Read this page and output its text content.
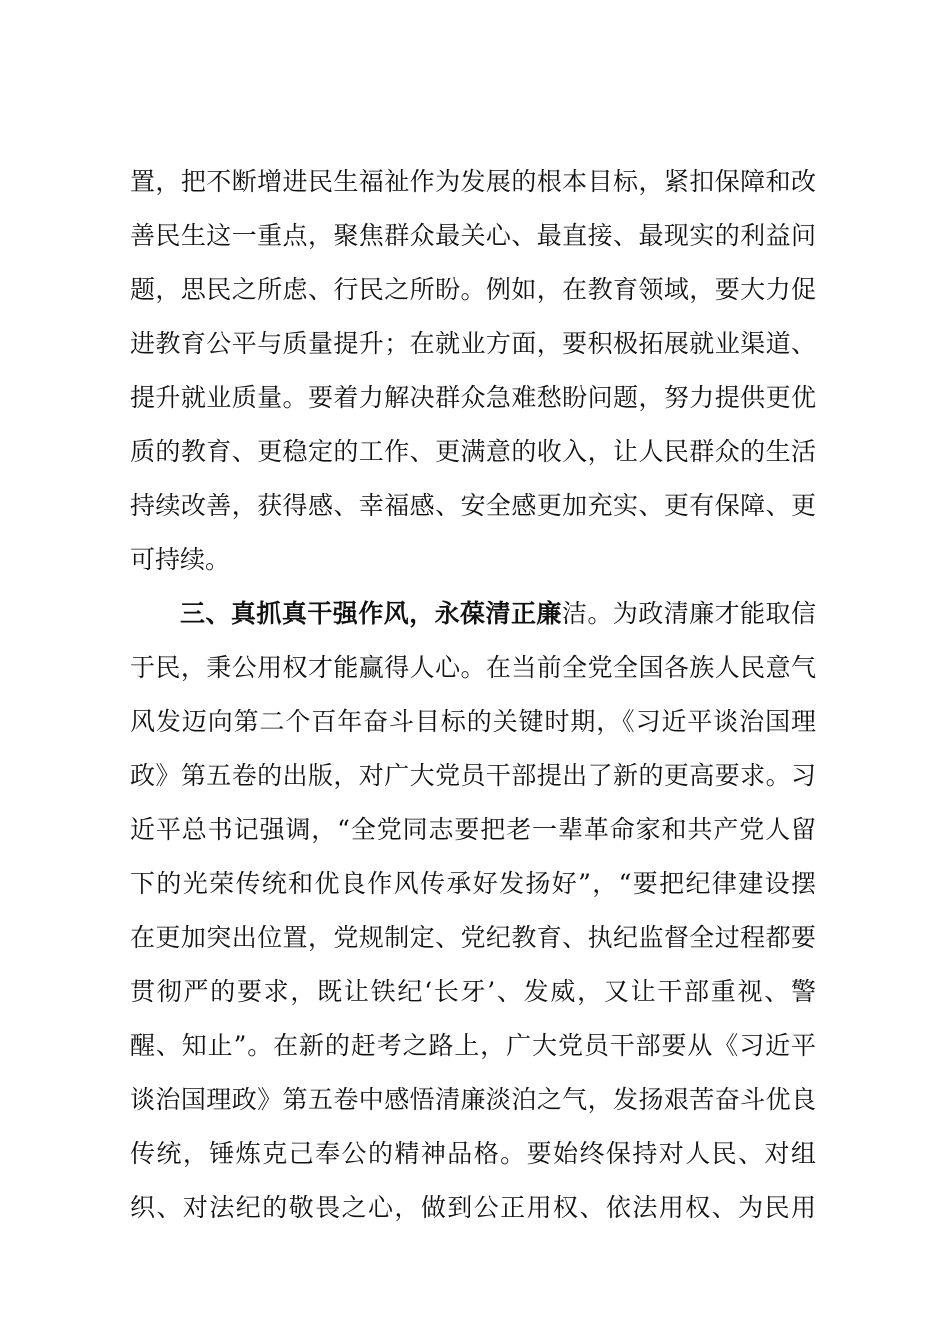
置，把不断增进民生福祉作为发展的根本目标，紧扣保障和改
善民生这一重点，聚焦群众最关心、最直接、最现实的利益问
题，思民之所虑、行民之所盼。例如，在教育领域，要大力促
进教育公平与质量提升；在就业方面，要积极拓展就业渠道、
提升就业质量。要着力解决群众急难愁盼问题，努力提供更优
质的教育、更稳定的工作、更满意的收入，让人民群众的生活
持续改善，获得感、幸福感、安全感更加充实、更有保障、更
可持续。
三、真抓真干强作风，永葆清正廉洁。为政清廉才能取信
于民，秉公用权才能赢得人心。在当前全党全国各族人民意气
风发迈向第二个百年奋斗目标的关键时期，《习近平谈治国理
政》第五卷的出版，对广大党员干部提出了新的更高要求。习
近平总书记强调，“全党同志要把老一辈革命家和共产党人留
下的光荣传统和优良作风传承好发扬好”，“要把纪律建设摆
在更加突出位置，党规制定、党纪教育、执纪监督全过程都要
贯彻严的要求，既让铁纪‘长牙’、发威，又让干部重视、警
醒、知止”。在新的赶考之路上，广大党员干部要从《习近平
谈治国理政》第五卷中感悟清廉淡泊之气，发扬艰苦奋斗优良
传统，锤炼克己奉公的精神品格。要始终保持对人民、对组
织、对法纪的敬畏之心，做到公正用权、依法用权、为民用
